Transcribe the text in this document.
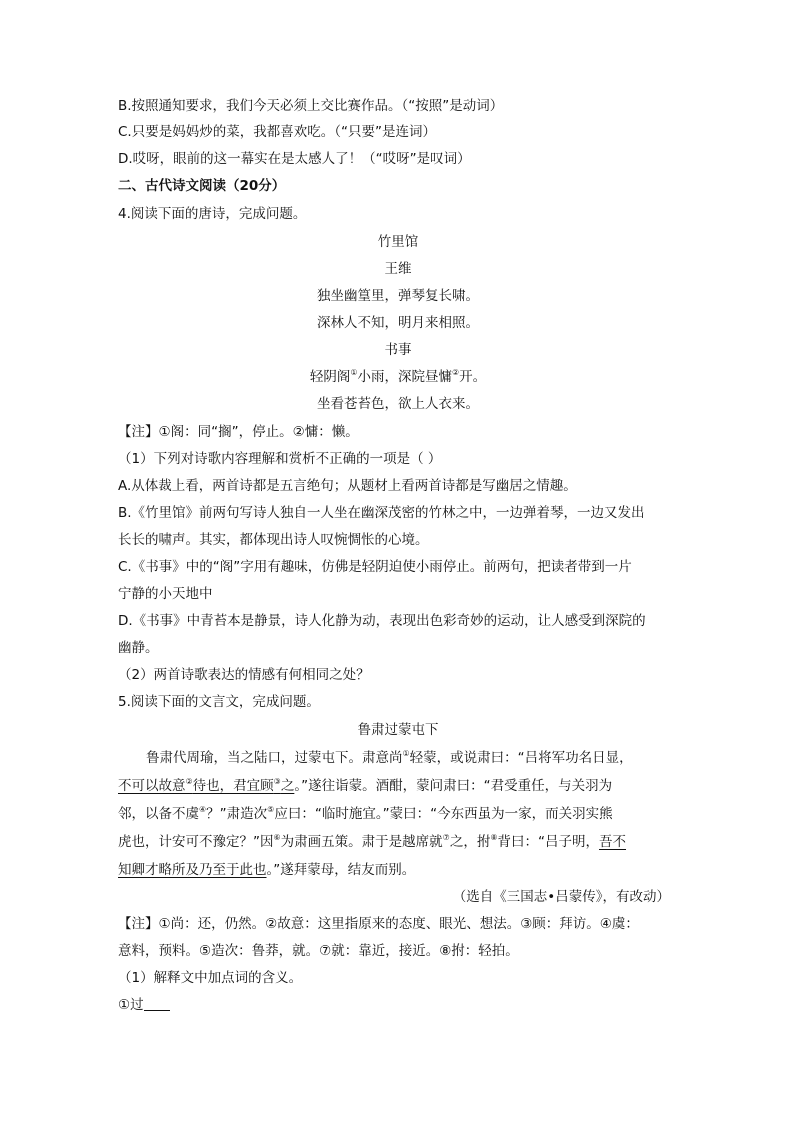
B.按照通知要求，我们今天必须上交比赛作品。（“按照”是动词）
C.只要是妈妈炒的菜，我都喜欢吃。（“只要”是连词）
D.哎呀，眼前的这一幕实在是太感人了！（“哎呀”是叹词）
二、古代诗文阅读（20分）
4.阅读下面的唐诗，完成问题。
竹里馆
王维
独坐幽篁里，弹琴复长啸。
深林人不知，明月来相照。
书事
轻阴阁①小雨，深院昼慵②开。
坐看苍苔色，欲上人衣来。
【注】①阁：同“搁”，停止。②慵：懒。
（1）下列对诗歌内容理解和赏析不正确的一项是（ ）
A.从体裁上看，两首诗都是五言绝句；从题材上看两首诗都是写幽居之情趣。
B.《竹里馆》前两句写诗人独自一人坐在幽深茂密的竹林之中，一边弹着琴，一边又发出
长长的啸声。其实，都体现出诗人叹惋惆怅的心境。
C.《书事》中的“阁”字用有趣味，仿佛是轻阴迫使小雨停止。前两句，把读者带到一片
宁静的小天地中
D.《书事》中青苔本是静景，诗人化静为动，表现出色彩奇妙的运动，让人感受到深院的
幽静。
（2）两首诗歌表达的情感有何相同之处？
5.阅读下面的文言文，完成问题。
鲁肃过蒙屯下
鲁肃代周瑜，当之陆口，过蒙屯下。肃意尚①轻蒙，或说肃曰：“吕将军功名日显，
不可以故意②待也，君宜顾③之。”遂往诣蒙。酒酣，蒙问肃曰：“君受重任，与关羽为
邻，以备不虞④？”肃造次⑤应曰：“临时施宜。”蒙曰：“今东西虽为一家，而关羽实熊
虎也，计安可不豫定？”因⑥为肃画五策。肃于是越席就⑦之，拊⑧背曰：“吕子明，吾不
知卿才略所及乃至于此也。”遂拜蒙母，结友而别。
（选自《三国志•吕蒙传》，有改动）
【注】①尚：还，仍然。②故意：这里指原来的态度、眼光、想法。③顾：拜访。④虞：
意料，预料。⑤造次：鲁莽，就。⑦就：靠近，接近。⑧拊：轻拍。
（1）解释文中加点词的含义。
①过
